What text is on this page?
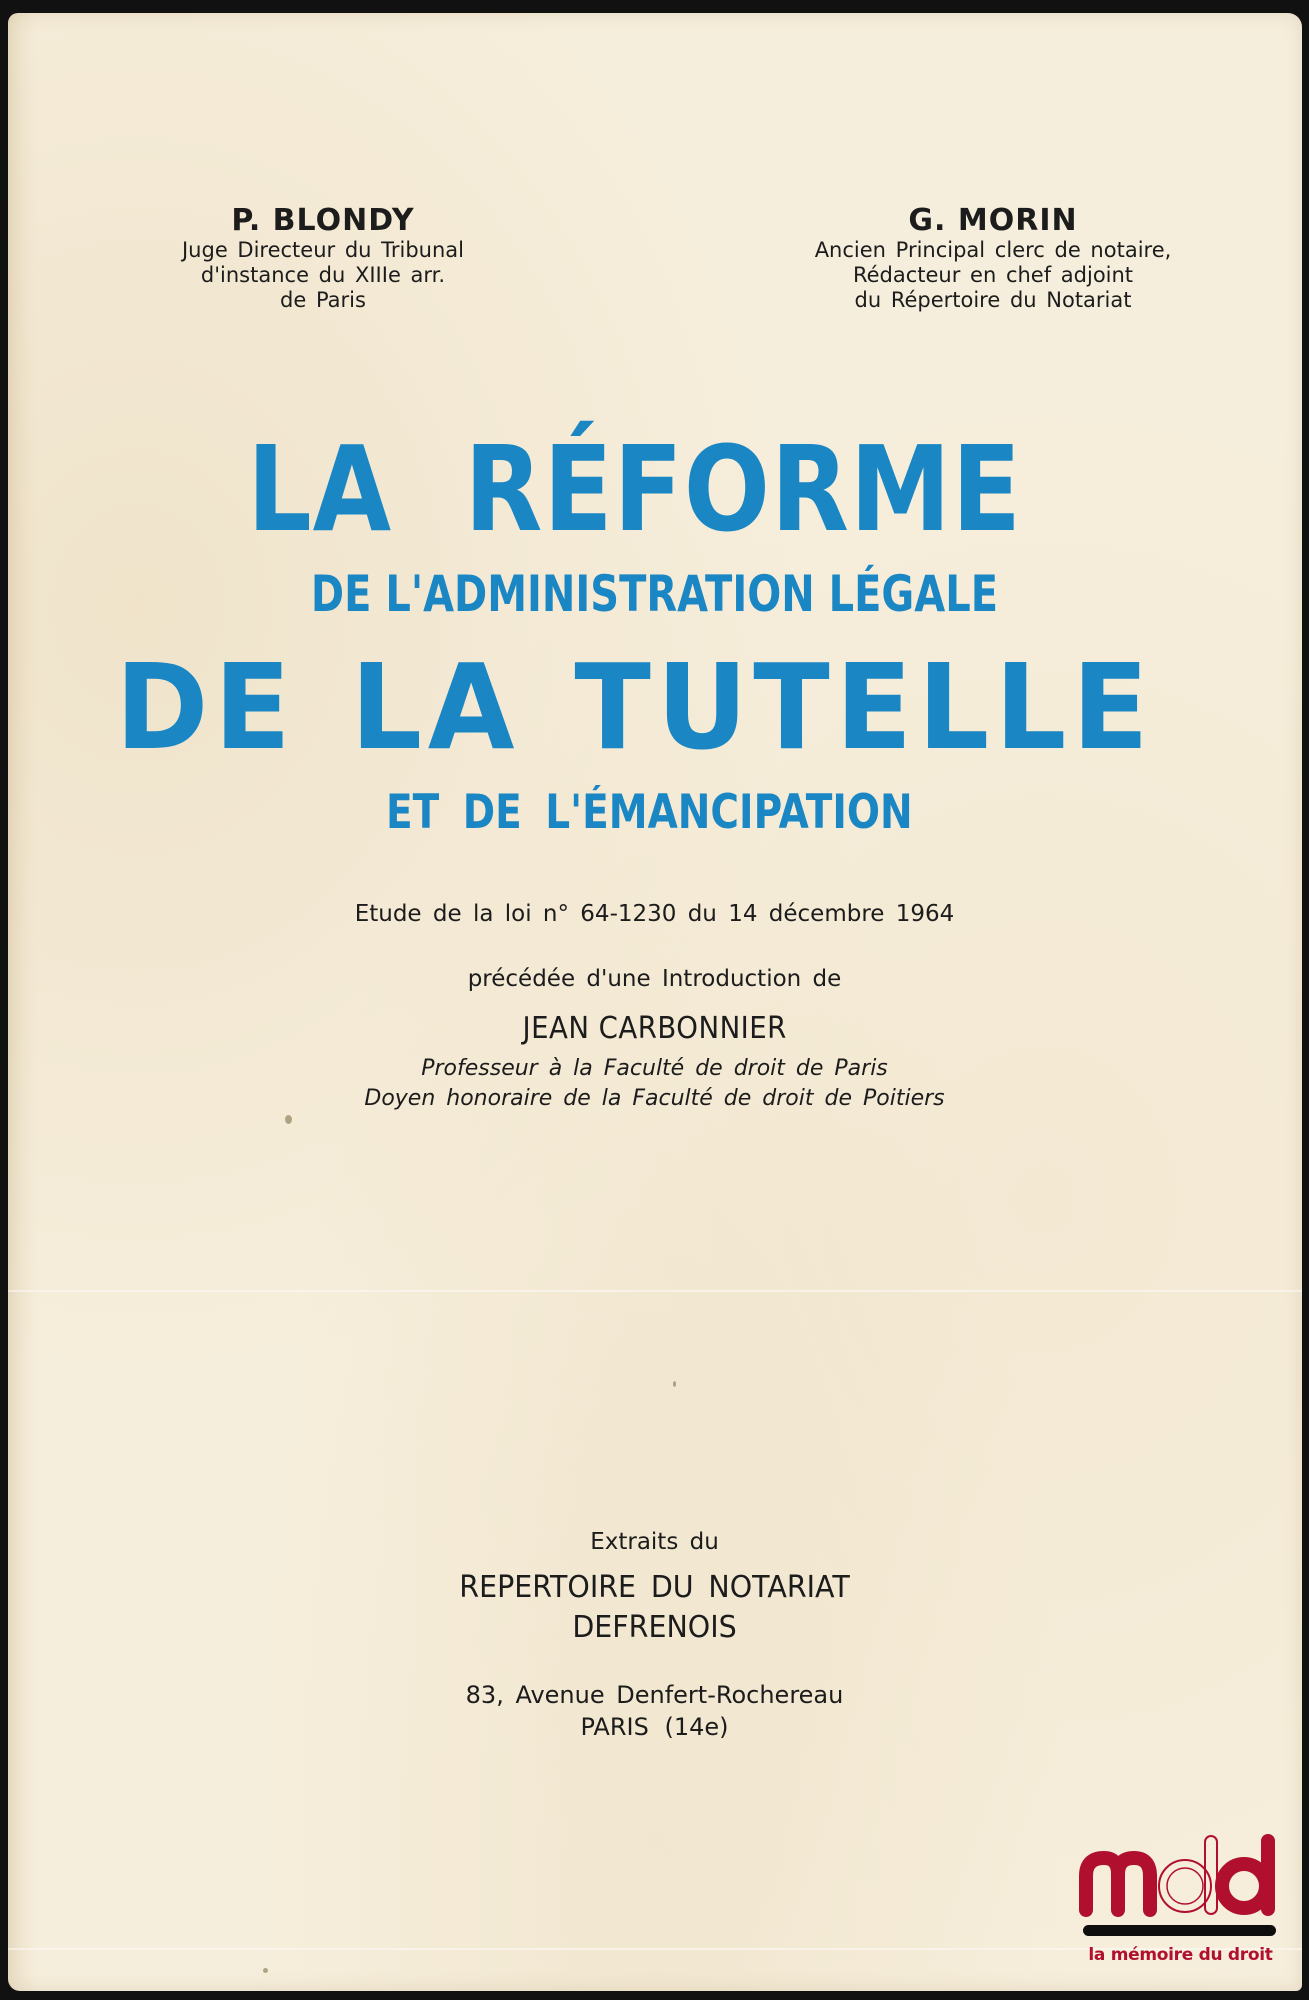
P. BLONDY
Juge Directeur du Tribunal
d'instance du XIIIe arr.
de Paris
G. MORIN
Ancien Principal clerc de notaire,
Rédacteur en chef adjoint
du Répertoire du Notariat
LA  RÉFORME
DE L'ADMINISTRATION LÉGALE
DE LA TUTELLE
ET DE L'ÉMANCIPATION
Etude de la loi n° 64-1230 du 14 décembre 1964
précédée d'une Introduction de
JEAN CARBONNIER
Professeur à la Faculté de droit de Paris
Doyen honoraire de la Faculté de droit de Poitiers
Extraits du
REPERTOIRE DU NOTARIAT
DEFRENOIS
83, Avenue Denfert-Rochereau
PARIS (14e)
la mémoire du droit
